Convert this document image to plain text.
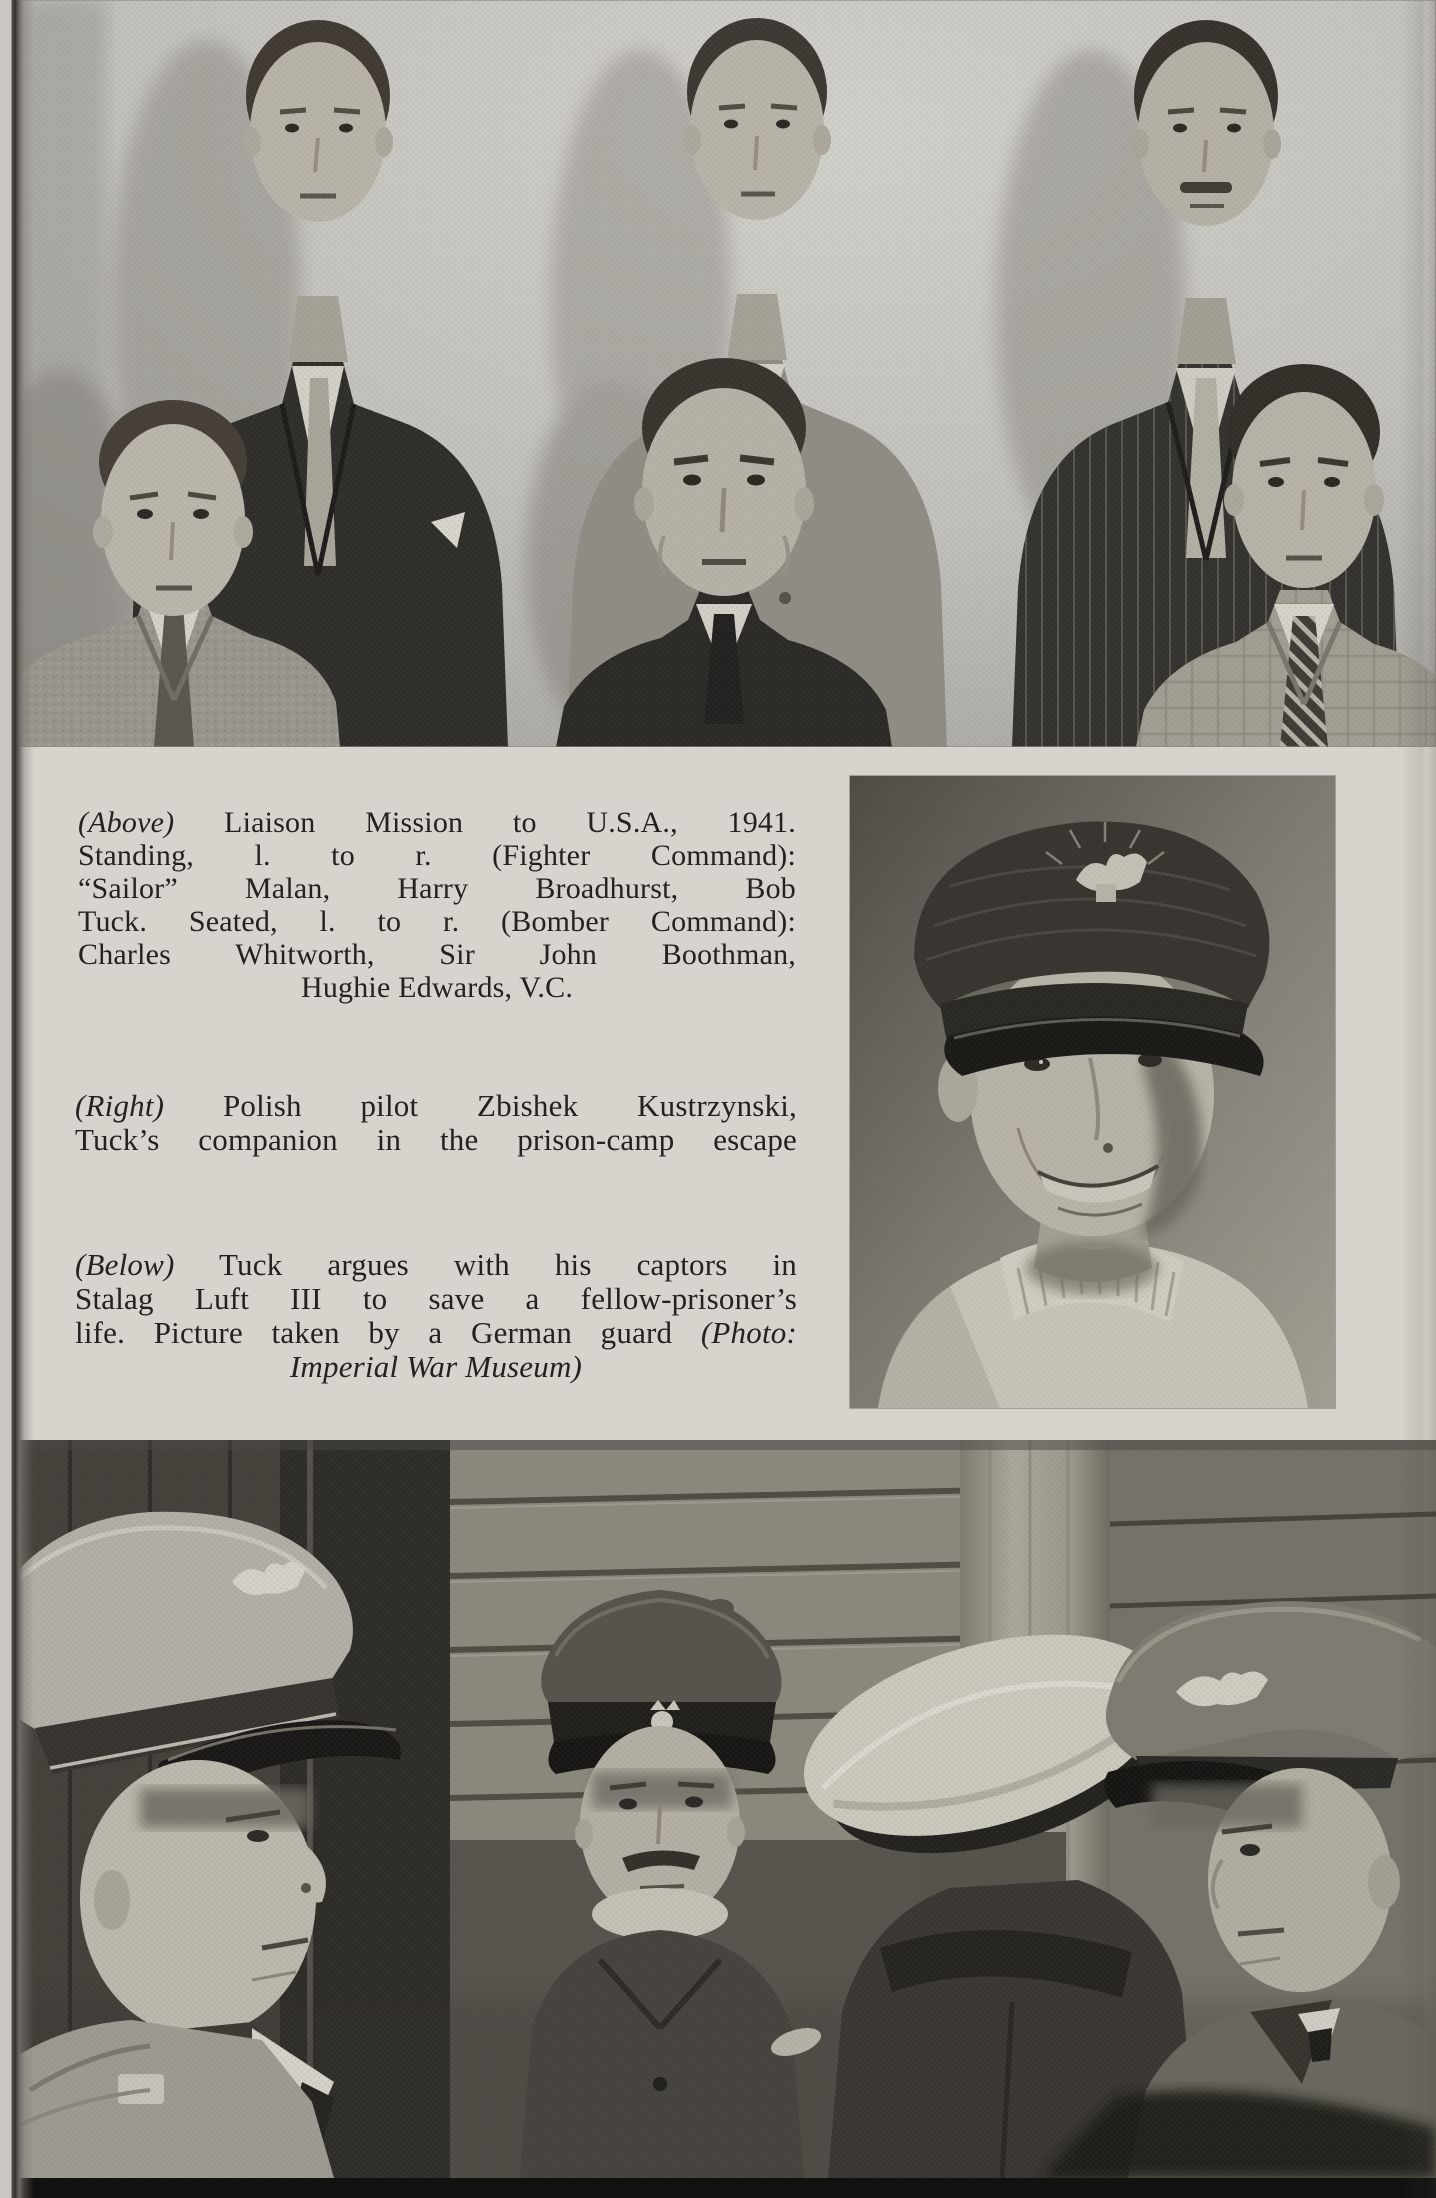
(Above) Liaison Mission to U.S.A., 1941.
Standing, l. to r. (Fighter Command):
“Sailor” Malan, Harry Broadhurst, Bob
Tuck. Seated, l. to r. (Bomber Command):
Charles Whitworth, Sir John Boothman,
Hughie Edwards, V.C.
(Right) Polish pilot Zbishek Kustrzynski,
Tuck’s companion in the prison-camp escape
(Below) Tuck argues with his captors in
Stalag Luft III to save a fellow-prisoner’s
life. Picture taken by a German guard (Photo:
Imperial War Museum)
